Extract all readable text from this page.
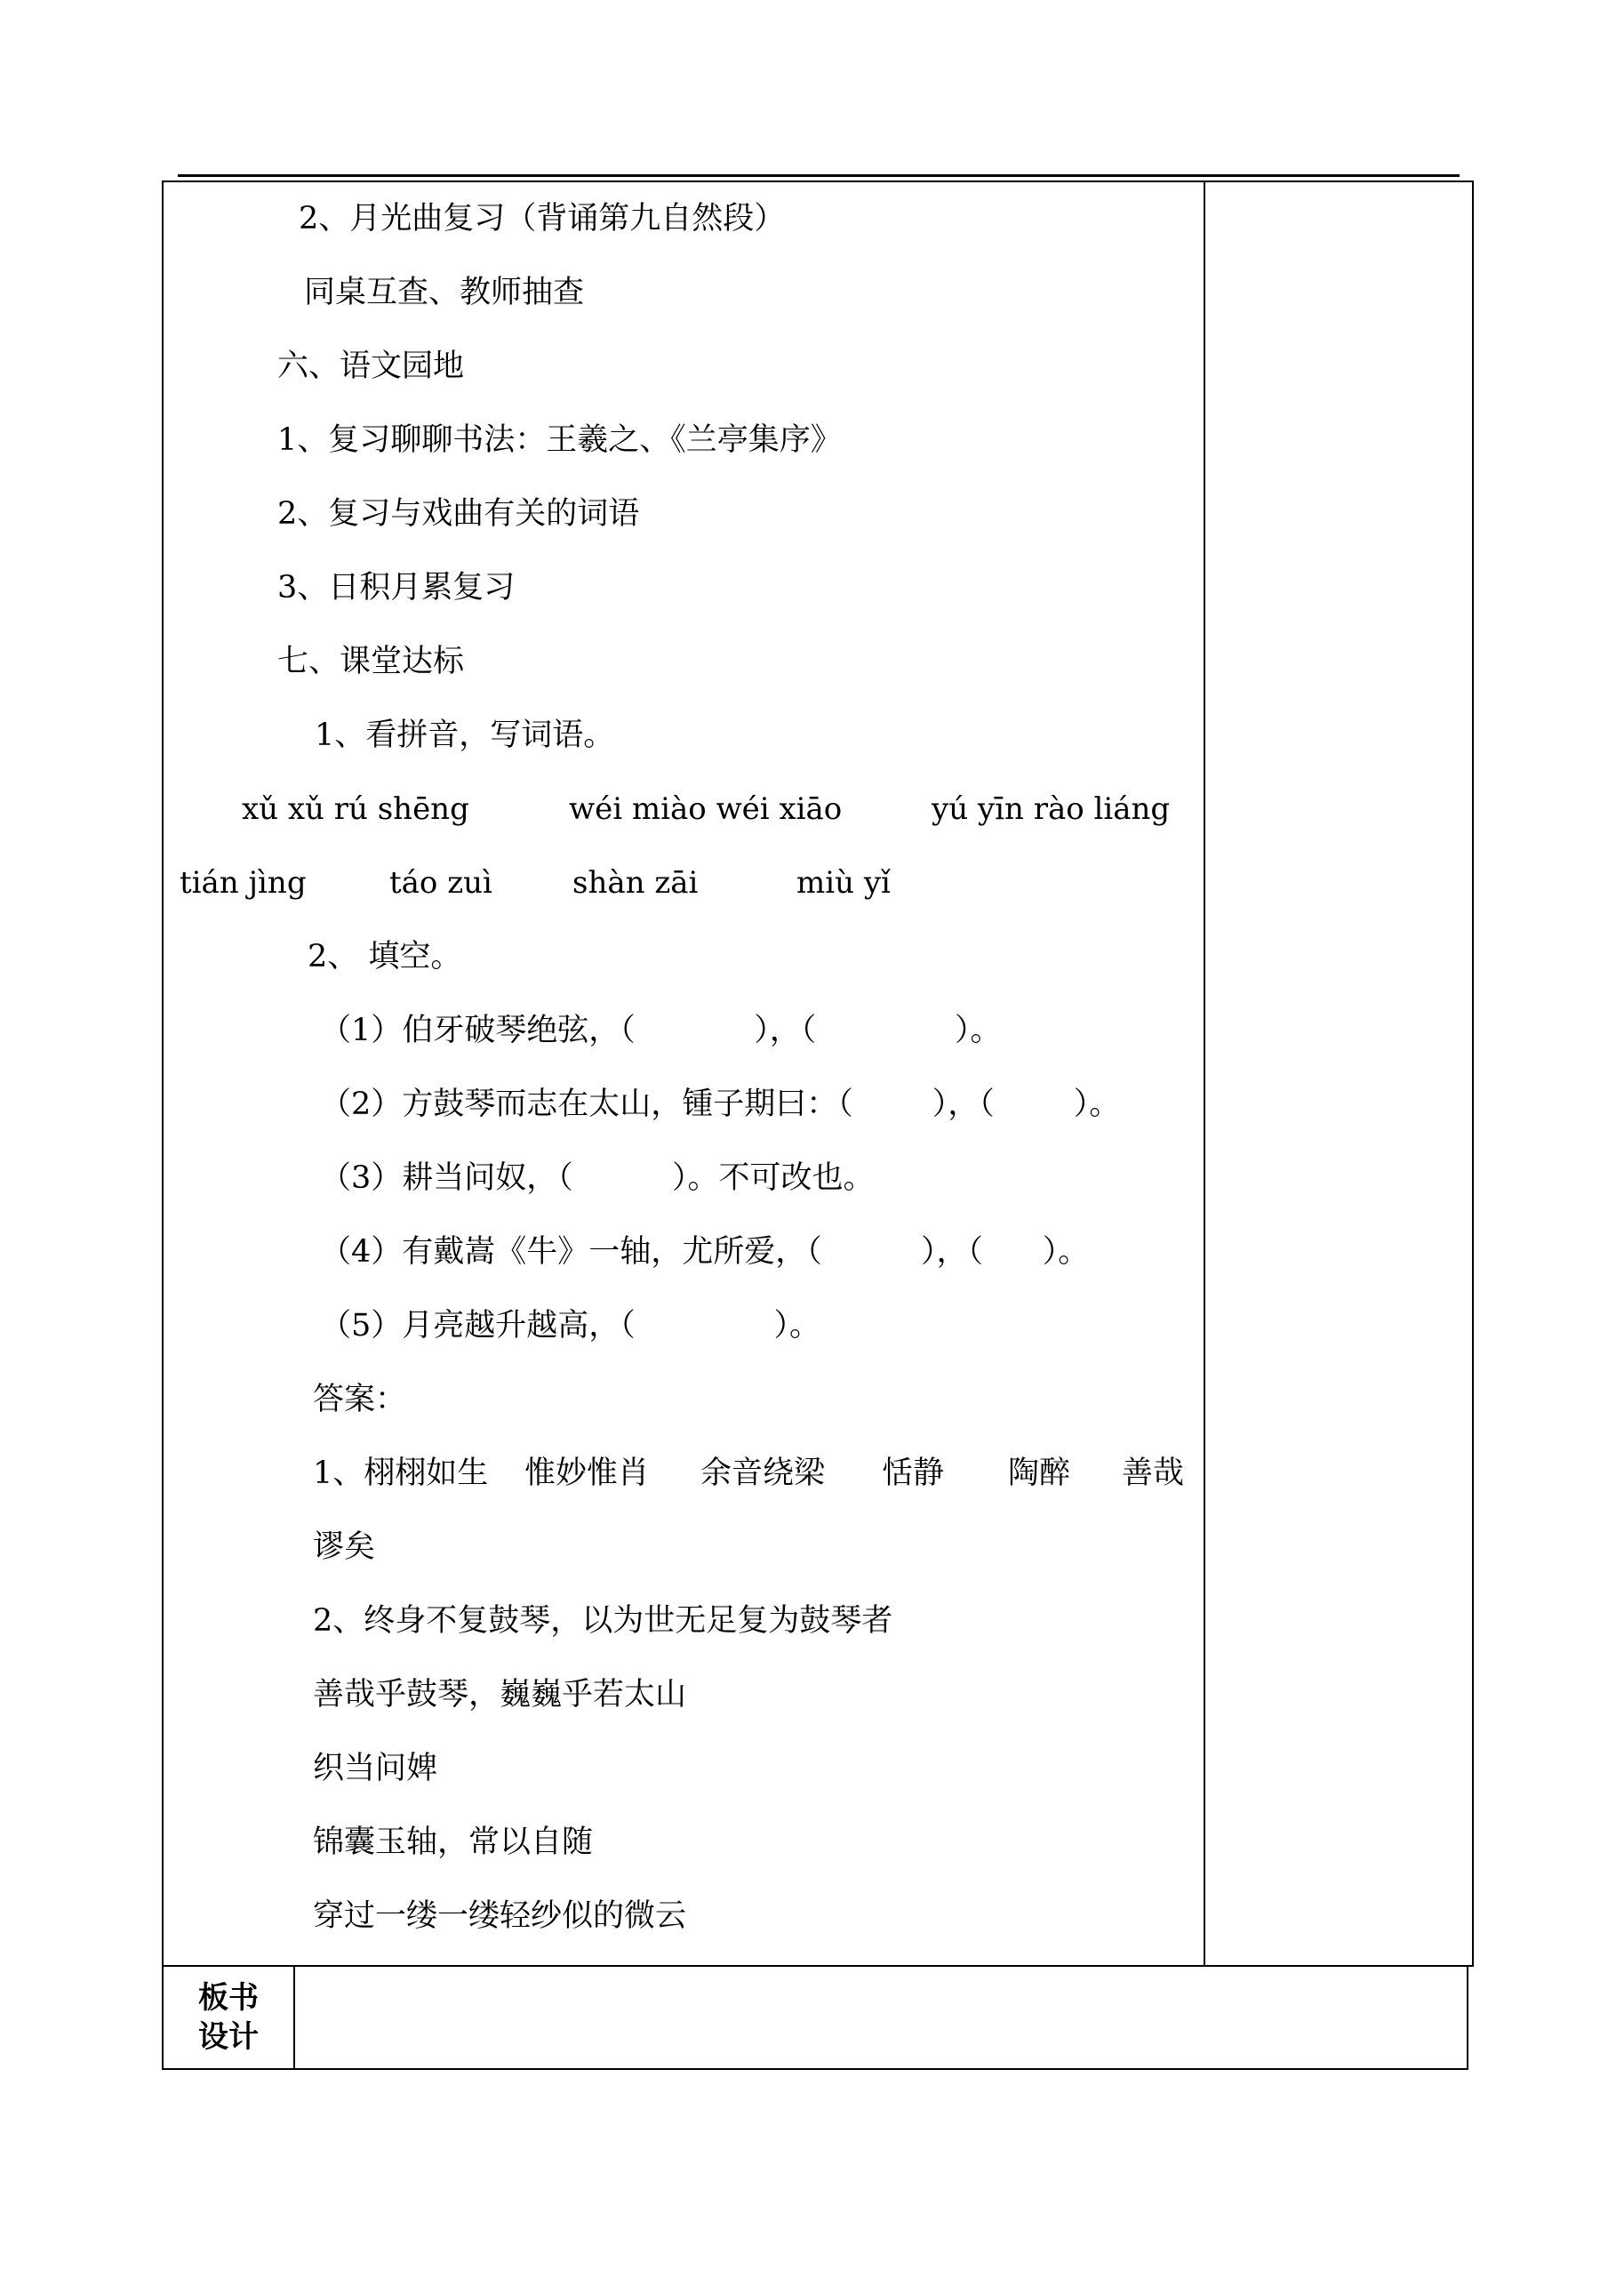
2、月光曲复习（背诵第九自然段）
同桌互查、教师抽查
六、语文园地
1、复习聊聊书法：王羲之、《兰亭集序》
2、复习与戏曲有关的词语
3、日积月累复习
七、课堂达标
1、看拼音，写词语。
xǔ xǔ rú shēng	wéi miào wéi xiāo	yú yīn rào liáng
tián jìng	táo zuì	shàn zāi	miù yǐ
2、 填空。
（1）伯牙破琴绝弦，（            ），（              ）。
（2）方鼓琴而志在太山，锺子期曰：（        ），（        ）。
（3）耕当问奴，（          ）。不可改也。
（4）有戴嵩《牛》一轴，尤所爱，（          ），（      ）。
（5）月亮越升越高，（              ）。
答案：
1、栩栩如生 惟妙惟肖 余音绕梁 恬静 陶醉 善哉
谬矣
2、终身不复鼓琴，以为世无足复为鼓琴者
善哉乎鼓琴，巍巍乎若太山
织当问婢
锦囊玉轴，常以自随
穿过一缕一缕轻纱似的微云
板书
设计
